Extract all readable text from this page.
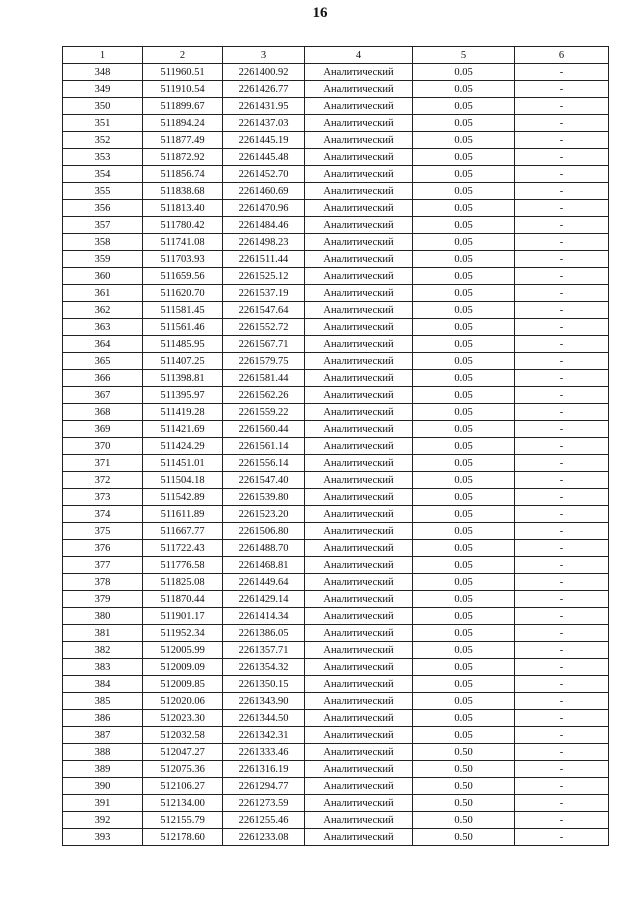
16
1	2	3	4	5	6
348	511960.51	2261400.92	Аналитический	0.05	-
349	511910.54	2261426.77	Аналитический	0.05	-
350	511899.67	2261431.95	Аналитический	0.05	-
351	511894.24	2261437.03	Аналитический	0.05	-
352	511877.49	2261445.19	Аналитический	0.05	-
353	511872.92	2261445.48	Аналитический	0.05	-
354	511856.74	2261452.70	Аналитический	0.05	-
355	511838.68	2261460.69	Аналитический	0.05	-
356	511813.40	2261470.96	Аналитический	0.05	-
357	511780.42	2261484.46	Аналитический	0.05	-
358	511741.08	2261498.23	Аналитический	0.05	-
359	511703.93	2261511.44	Аналитический	0.05	-
360	511659.56	2261525.12	Аналитический	0.05	-
361	511620.70	2261537.19	Аналитический	0.05	-
362	511581.45	2261547.64	Аналитический	0.05	-
363	511561.46	2261552.72	Аналитический	0.05	-
364	511485.95	2261567.71	Аналитический	0.05	-
365	511407.25	2261579.75	Аналитический	0.05	-
366	511398.81	2261581.44	Аналитический	0.05	-
367	511395.97	2261562.26	Аналитический	0.05	-
368	511419.28	2261559.22	Аналитический	0.05	-
369	511421.69	2261560.44	Аналитический	0.05	-
370	511424.29	2261561.14	Аналитический	0.05	-
371	511451.01	2261556.14	Аналитический	0.05	-
372	511504.18	2261547.40	Аналитический	0.05	-
373	511542.89	2261539.80	Аналитический	0.05	-
374	511611.89	2261523.20	Аналитический	0.05	-
375	511667.77	2261506.80	Аналитический	0.05	-
376	511722.43	2261488.70	Аналитический	0.05	-
377	511776.58	2261468.81	Аналитический	0.05	-
378	511825.08	2261449.64	Аналитический	0.05	-
379	511870.44	2261429.14	Аналитический	0.05	-
380	511901.17	2261414.34	Аналитический	0.05	-
381	511952.34	2261386.05	Аналитический	0.05	-
382	512005.99	2261357.71	Аналитический	0.05	-
383	512009.09	2261354.32	Аналитический	0.05	-
384	512009.85	2261350.15	Аналитический	0.05	-
385	512020.06	2261343.90	Аналитический	0.05	-
386	512023.30	2261344.50	Аналитический	0.05	-
387	512032.58	2261342.31	Аналитический	0.05	-
388	512047.27	2261333.46	Аналитический	0.50	-
389	512075.36	2261316.19	Аналитический	0.50	-
390	512106.27	2261294.77	Аналитический	0.50	-
391	512134.00	2261273.59	Аналитический	0.50	-
392	512155.79	2261255.46	Аналитический	0.50	-
393	512178.60	2261233.08	Аналитический	0.50	-
